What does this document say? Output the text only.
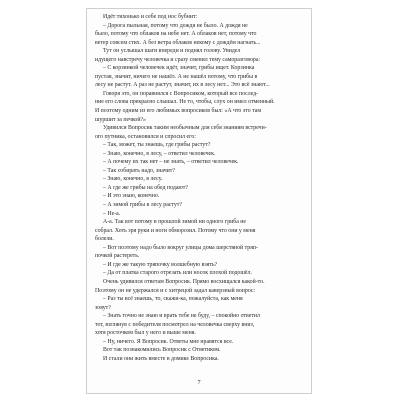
Идёт тихонько и себе под нос бубнит:
– Дорога пыльная, потому что дождя не было. А дождя не
было, потому что облаков на небе нет. А облаков нет, потому что
ветер совсем стих. А без ветра облаков некому с дождём нагнать...
Тут он услышал шаги впереди и поднял голову. Увидел
идущего навстречу человечка и сразу сменил тему саморазговора:
– С корзинкой человечек идёт, значит, грибы ищет. Корзинка
пустая, значит, ничего не нашёл. А не нашёл потому, что грибы в
лесу не растут. А раз не растут, значит, их в лесу нет... Это всё знают...
Говоря это, он поравнялся с Вопросиком, который все послед-
ние его слова прекрасно слышал. Не то, чтобы, слух он имел отменный.
И поэтому одним из его любимых вопросиков был: «А что это там
шуршит за печкой?»
Удивился Вопросик таким необычным для себя знаниям встречн-
ого путника, остановился и спросил его:
– Так, может, ты знаешь, где грибы растут?
– Знаю, конечно, в лесу, – ответил человечек.
– А почему их так нет – не знать, – ответил человечек.
– Так собирать надо, значит?
– Знаю, конечно, в лесу.
– А где же грибы на обед подают?
– И это знаю, конечно.
– А зимой грибы в лесу растут?
– Не-а.
А-а. Так вот потому в прошлой зимой ни одного гриба не
собрал. Хоть зря руки и ноги обморозил. Потому что они у меня
болели.
– Вот поэтому надо было вокруг улицы дома шерстяной тряп-
почкой растереть.
– И где же такую тряпочку волшебную взять?
– Да от платка старого отрезать или носок плохой подошёл.
Очень удивился ответам Вопросик. Прямо восхищался какой-то.
Поэтому он не удержался и с хитрецой задал каверзный вопрос:
– Раз ты всё знаешь, то, скажи-ка, пожалуйста, как меня
зовут?
– Знать точно не знаю и врать тебе не буду, – спокойно ответил
тот, взглянув с победителя посмотрел на человечка сверху вниз,
хотя росточком был у него и выше меня.
– Ну, ничего. Я Вопросик. Ответы мне нравятся все.
Вот так познакомились Вопросик с Ответиком.
И стали они жить вместе в домике Вопросика.
7
